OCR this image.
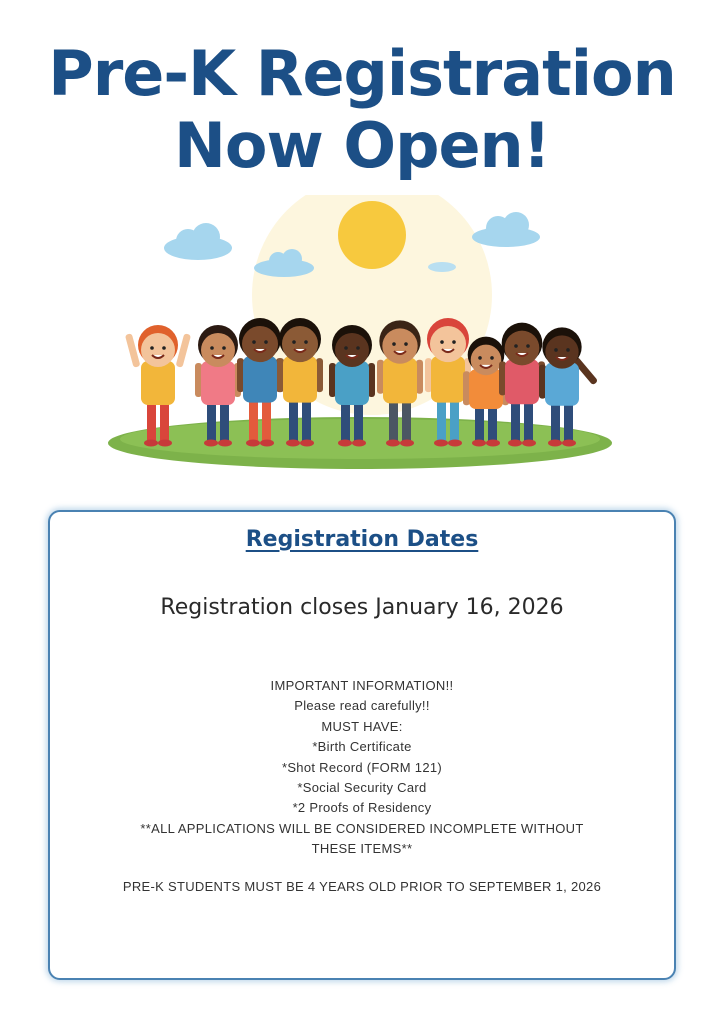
Pre-K Registration
Now Open!
Registration Dates
Registration closes January 16, 2026
IMPORTANT INFORMATION!!
Please read carefully!!
MUST HAVE:
*Birth Certificate
*Shot Record (FORM 121)
*Social Security Card
*2 Proofs of Residency
**ALL APPLICATIONS WILL BE CONSIDERED INCOMPLETE WITHOUT
THESE ITEMS**
PRE-K STUDENTS MUST BE 4 YEARS OLD PRIOR TO SEPTEMBER 1, 2026
